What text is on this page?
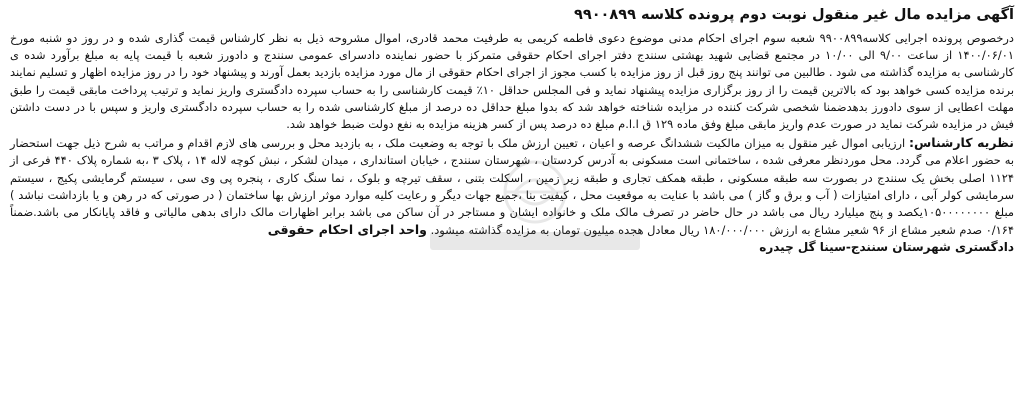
آگهی مزایده مال غیر منقول نوبت دوم پرونده کلاسه ۹۹۰۰۸۹۹

درخصوص پرونده اجرایی کلاسه۹۹۰۰۸۹۹ شعبه سوم اجرای احکام مدنی موضوع دعوی فاطمه کریمی به طرفیت محمد قادری، اموال مشروحه ذیل به نظر کارشناس قیمت گذاری شده و در روز دو شنبه مورخ ۱۴۰۰/۰۶/۰۱ از ساعت ۹/۰۰ الی ۱۰/۰۰ در مجتمع قضایی شهید بهشتی سنندج دفتر اجرای احکام حقوقی متمرکز با حضور نماینده دادسرای عمومی سنندج و دادورز شعبه با قیمت پایه به مبلغ برآورد شده ی کارشناسی به مزایده گذاشته می شود . طالبین می توانند پنج روز قبل از روز مزایده با کسب مجوز از اجرای احکام حقوقی از مال مورد مزایده بازدید بعمل آورند و پیشنهاد خود را در روز مزایده اظهار و تسلیم نمایند برنده مزایده کسی خواهد بود که بالاترین قیمت را از روز برگزاری مزایده پیشنهاد نماید و فی المجلس حداقل ۱۰٪ قیمت کارشناسی را به حساب سپرده دادگستری واریز نماید و ترتیب پرداخت مابقی قیمت را طبق مهلت اعطایی از سوی دادورز بدهدضمنا شخصی شرکت کننده در مزایده شناخته خواهد شد که بدوا مبلغ حداقل ده درصد از مبلغ کارشناسی شده را به حساب سپرده دادگستری واریز و سپس با در دست داشتن فیش در مزایده شرکت نماید در صورت عدم واریز مابقی مبلغ وفق ماده ۱۲۹ ق ا.ا.م مبلغ ده درصد پس از کسر هزینه مزایده به نفع دولت ضبط خواهد شد.

نظریه کارشناس: ارزیابی اموال غیر منقول به میزان مالکیت ششدانگ عرصه و اعیان ، تعیین ارزش ملک با توجه به وضعیت ملک ، به بازدید محل و بررسی های لازم اقدام و مراتب به شرح ذیل جهت استحضار به حضور اعلام می گردد. محل موردنظر معرفی شده ، ساختمانی است مسکونی به آدرس کردستان ، شهرستان سنندج ، خیابان استانداری ، میدان لشکر ، نبش کوچه لاله ۱۴ ، پلاک ۳ ،به شماره پلاک ۴۴۰ فرعی از ۱۱۲۴ اصلی بخش یک سنندج در بصورت سه طبقه مسکونی ، طبقه همکف تجاری و طبقه زیر زمین ، اسکلت بتنی ، سقف تیرچه و بلوک ، نما سنگ کاری ، پنجره پی وی سی ، سیستم گرمایشی پکیج ، سیستم سرمایشی کولر آبی ، دارای امتیازات ( آب و برق و گاز ) می باشد با عنایت به موقعیت محل ، کیفیت بنا ،جمیع جهات دیگر و رعایت کلیه موارد موثر ارزش بها ساختمان ( در صورتی که در رهن و یا بازداشت نباشد ) مبلغ ۱۰۵۰۰۰۰۰۰۰۰یکصد و پنج میلیارد ریال می باشد در حال حاضر در تصرف مالک ملک و خانواده ایشان و مستاجر در آن ساکن می باشد برابر اظهارات مالک دارای بدهی مالیاتی و فاقد پایانکار می باشد.ضمناً ۰/۱۶۴ صدم شعیر مشاع از ۹۶ شعیر مشاع به ارزش ۱۸۰/۰۰۰/۰۰۰ ریال معادل هجده میلیون تومان به مزایده گذاشته میشود. واحد اجرای احکام حقوقی

دادگستری شهرستان سنندج-سینا گل چیدره
